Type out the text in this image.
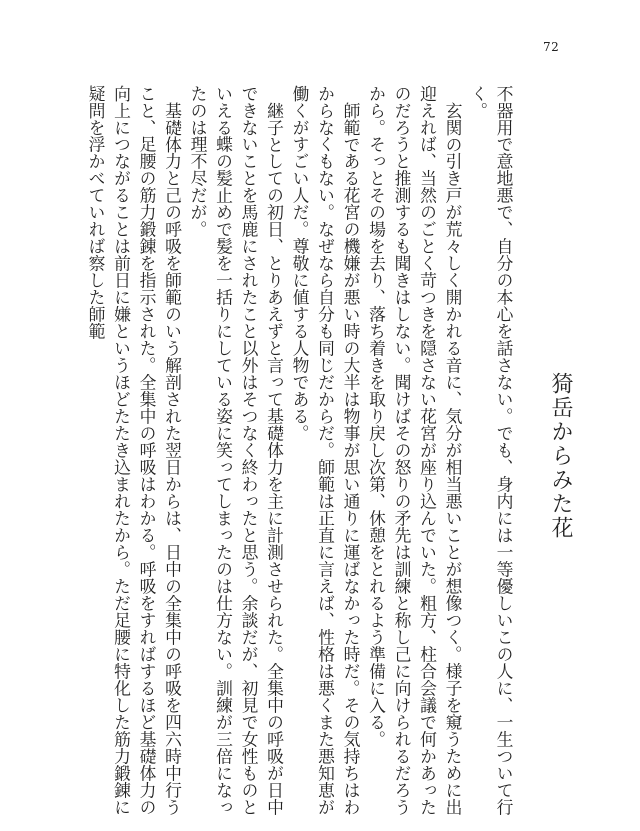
72
猗岳からみた花

不器用で意地悪で、自分の本心を話さない。でも、身内には一等優しいこの人に、一生ついて行く。

玄関の引き戸が荒々しく開かれる音に、気分が相当悪いことが想像つく。様子を窺うために出迎えれば、当然のごとく苛つきを隠さない花宮が座り込んでいた。粗方、柱合会議で何かあったのだろうと推測するも聞きはしない。聞けばその怒りの矛先は訓練と称し己に向けられるだろうから。そっとその場を去り、落ち着きを取り戻し次第、休憩をとれるよう準備に入る。

師範である花宮の機嫌が悪い時の大半は物事が思い通りに運ばなかった時だ。その気持ちはわからなくもない。なぜなら自分も同じだからだ。師範は正直に言えば、性格は悪くまた悪知恵が働くがすごい人だ。尊敬に値する人物である。

継子としての初日、とりあえずと言って基礎体力を主に計測させられた。全集中の呼吸が日中できないことを馬鹿にされたこと以外はそつなく終わったと思う。余談だが、初見で女性ものといえる蝶の髪止めで髪を一括りにしている姿に笑ってしまったのは仕方ない。訓練が三倍になったのは理不尽だが。

基礎体力と己の呼吸を師範のいう解剖された翌日からは、日中の全集中の呼吸を四六時中行うこと、足腰の筋力鍛錬を指示された。全集中の呼吸はわかる。呼吸をすればするほど基礎体力の向上につながることは前日に嫌というほどたたき込まれたから。ただ足腰に特化した筋力鍛錬に疑問を浮かべていれば察した師範
